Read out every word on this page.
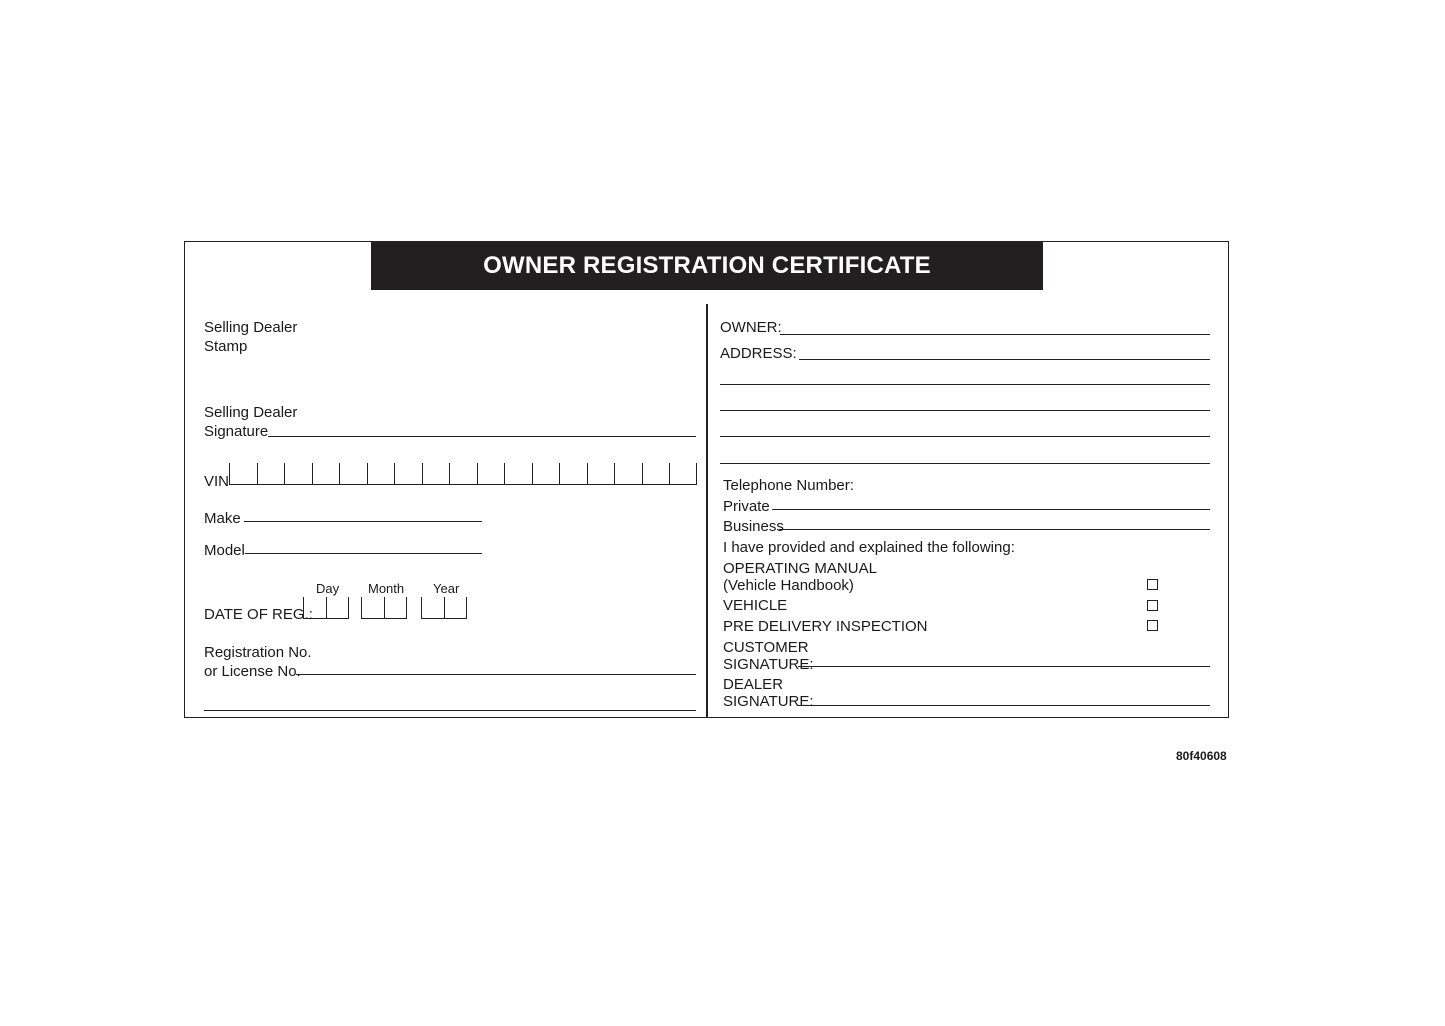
OWNER REGISTRATION CERTIFICATE
Selling Dealer
Stamp
Selling Dealer
Signature
VIN
Make
Model
Day Month Year
DATE OF REG.:
Registration No.
or License No.
OWNER:
ADDRESS:
Telephone Number:
Private
Business
I have provided and explained the following:
OPERATING MANUAL
(Vehicle Handbook)
VEHICLE
PRE DELIVERY INSPECTION
CUSTOMER
SIGNATURE:
DEALER
SIGNATURE:
80f40608
